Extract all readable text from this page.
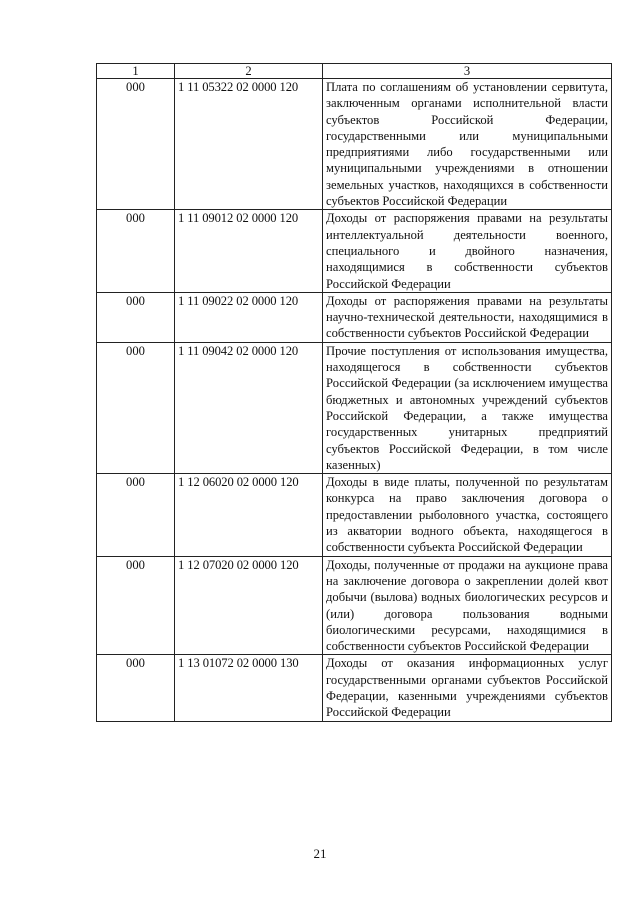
1	2	3
000	1 11 05322 02 0000 120	Плата по соглашениям об установлении сервитута, заключенным органами исполнительной власти субъектов Российской Федерации, государственными или муниципальными предприятиями либо государственными или муниципальными учреждениями в отношении земельных участков, находящихся в собственности субъектов Российской Федерации
000	1 11 09012 02 0000 120	Доходы от распоряжения правами на результаты интеллектуальной деятельности военного, специального и двойного назначения, находящимися в собственности субъектов Российской Федерации
000	1 11 09022 02 0000 120	Доходы от распоряжения правами на результаты научно-технической деятельности, находящимися в собственности субъектов Российской Федерации
000	1 11 09042 02 0000 120	Прочие поступления от использования имущества, находящегося в собственности субъектов Российской Федерации (за исключением имущества бюджетных и автономных учреждений субъектов Российской Федерации, а также имущества государственных унитарных предприятий субъектов Российской Федерации, в том числе казенных)
000	1 12 06020 02 0000 120	Доходы в виде платы, полученной по результатам конкурса на право заключения договора о предоставлении рыболовного участка, состоящего из акватории водного объекта, находящегося в собственности субъекта Российской Федерации
000	1 12 07020 02 0000 120	Доходы, полученные от продажи на аукционе права на заключение договора о закреплении долей квот добычи (вылова) водных биологических ресурсов и (или) договора пользования водными биологическими ресурсами, находящимися в собственности субъектов Российской Федерации
000	1 13 01072 02 0000 130	Доходы от оказания информационных услуг государственными органами субъектов Российской Федерации, казенными учреждениями субъектов Российской Федерации
21
